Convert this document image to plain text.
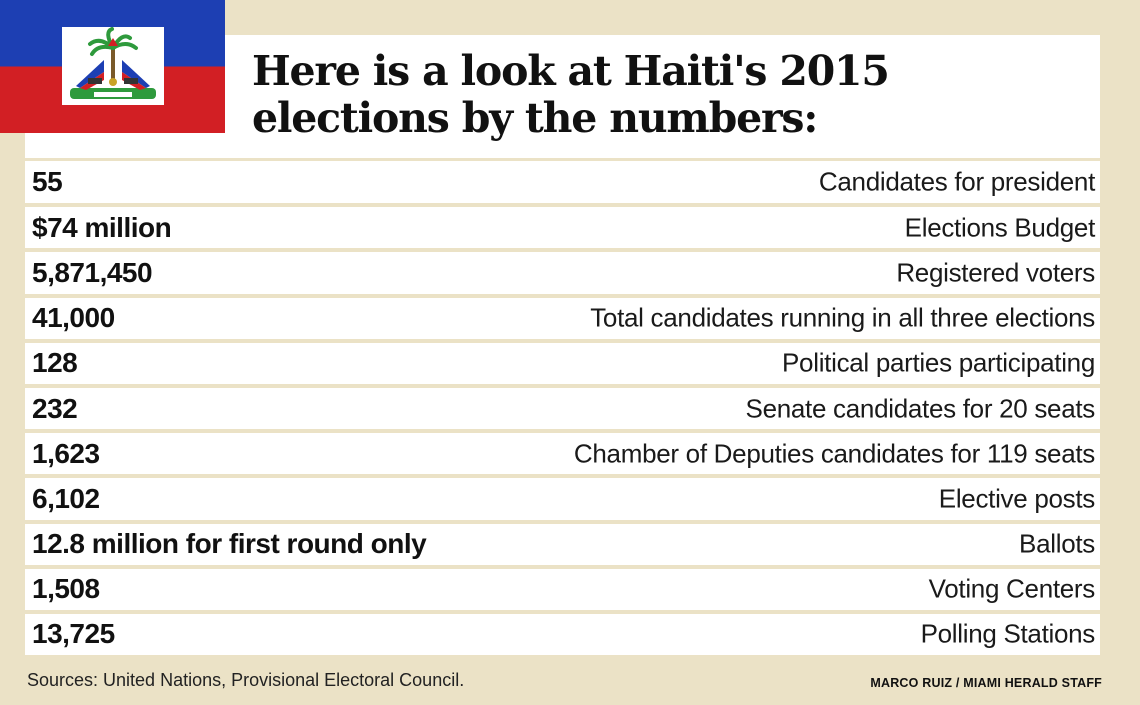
Here is a look at Haiti's 2015
elections by the numbers:
55	Candidates for president
$74 million	Elections Budget
5,871,450	Registered voters
41,000	Total candidates running in all three elections
128	Political parties participating
232	Senate candidates for 20 seats
1,623	Chamber of Deputies candidates for 119 seats
6,102	Elective posts
12.8 million for first round only	Ballots
1,508	Voting Centers
13,725	Polling Stations
Sources: United Nations, Provisional Electoral Council.	MARCO RUIZ / MIAMI HERALD STAFF
